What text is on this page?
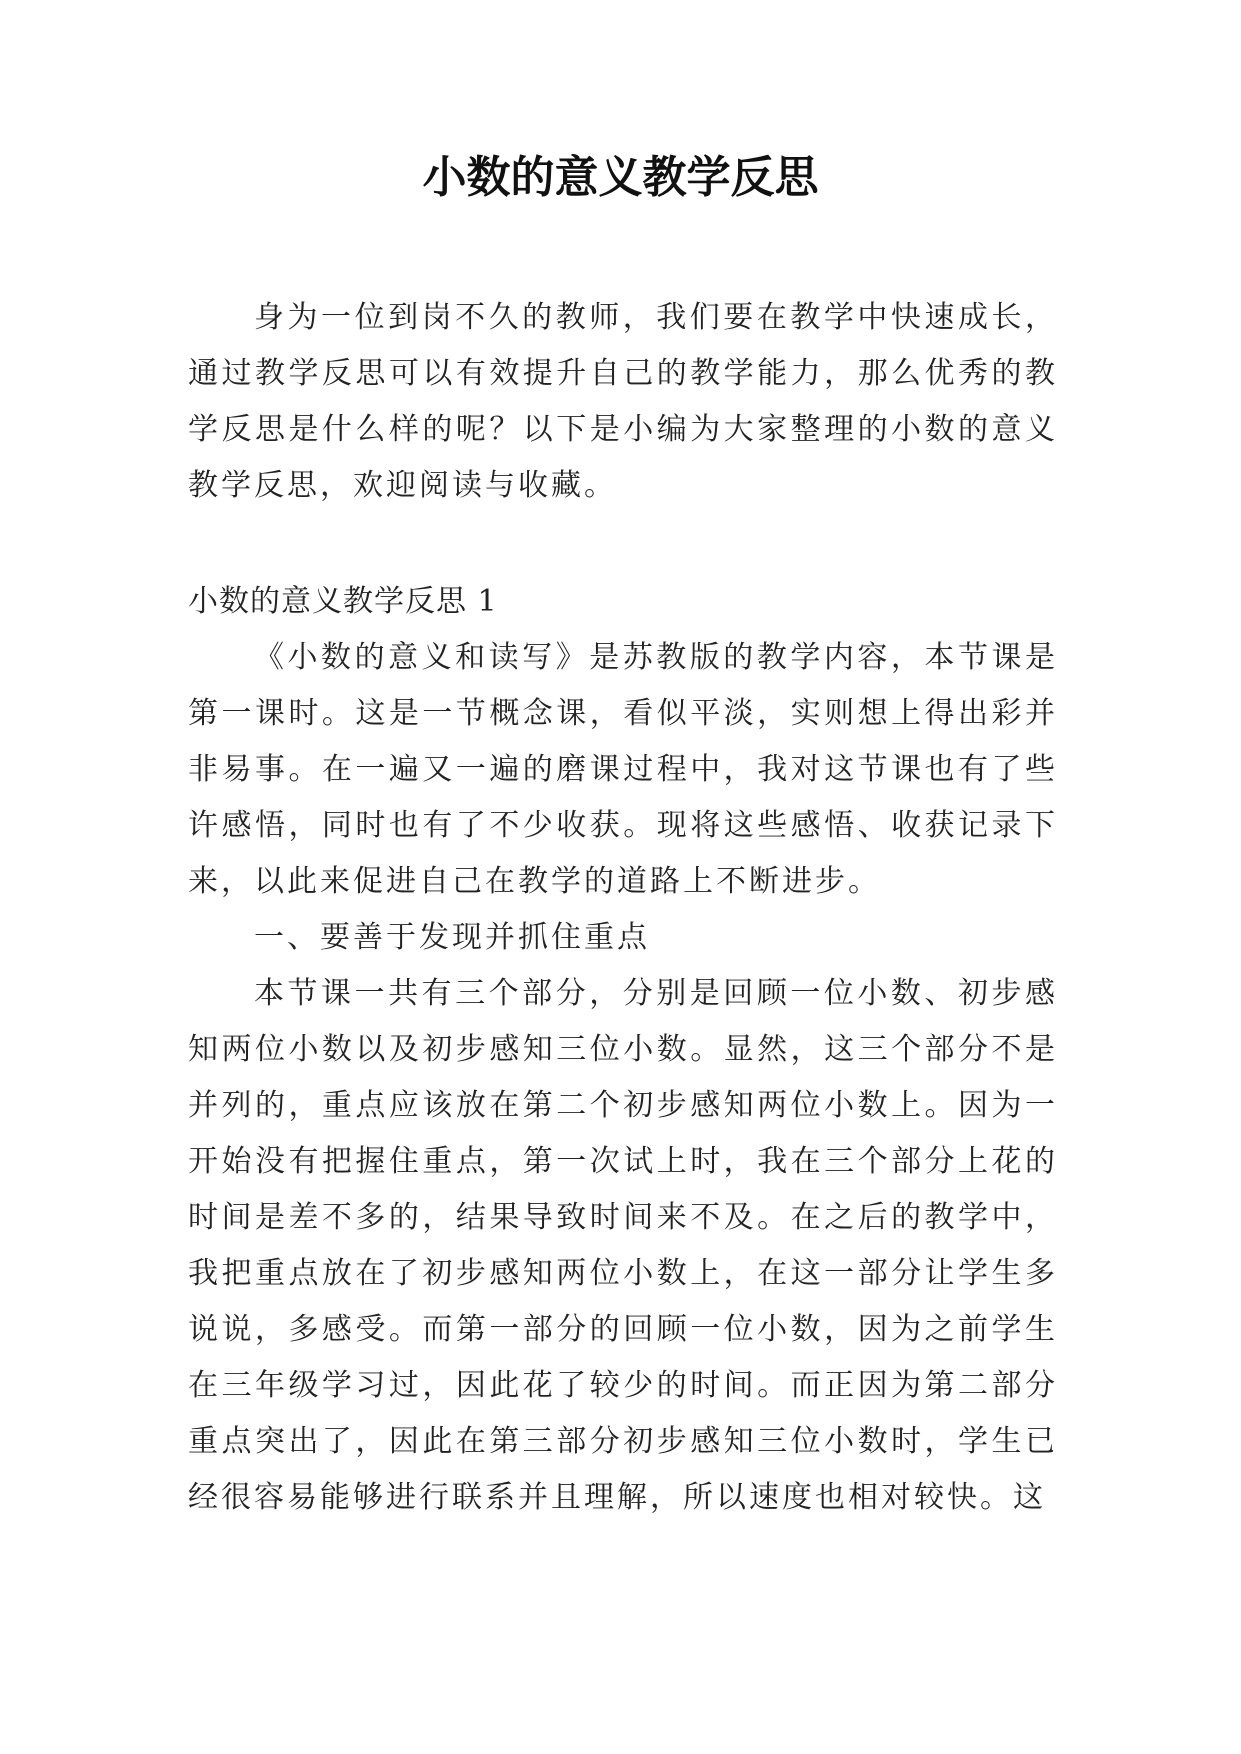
小数的意义教学反思

身为一位到岗不久的教师，我们要在教学中快速成长，通过教学反思可以有效提升自己的教学能力，那么优秀的教学反思是什么样的呢？以下是小编为大家整理的小数的意义教学反思，欢迎阅读与收藏。

小数的意义教学反思 1

《小数的意义和读写》是苏教版的教学内容，本节课是第一课时。这是一节概念课，看似平淡，实则想上得出彩并非易事。在一遍又一遍的磨课过程中，我对这节课也有了些许感悟，同时也有了不少收获。现将这些感悟、收获记录下来，以此来促进自己在教学的道路上不断进步。

一、要善于发现并抓住重点

本节课一共有三个部分，分别是回顾一位小数、初步感知两位小数以及初步感知三位小数。显然，这三个部分不是并列的，重点应该放在第二个初步感知两位小数上。因为一开始没有把握住重点，第一次试上时，我在三个部分上花的时间是差不多的，结果导致时间来不及。在之后的教学中，我把重点放在了初步感知两位小数上，在这一部分让学生多说说，多感受。而第一部分的回顾一位小数，因为之前学生在三年级学习过，因此花了较少的时间。而正因为第二部分重点突出了，因此在第三部分初步感知三位小数时，学生已经很容易能够进行联系并且理解，所以速度也相对较快。这
